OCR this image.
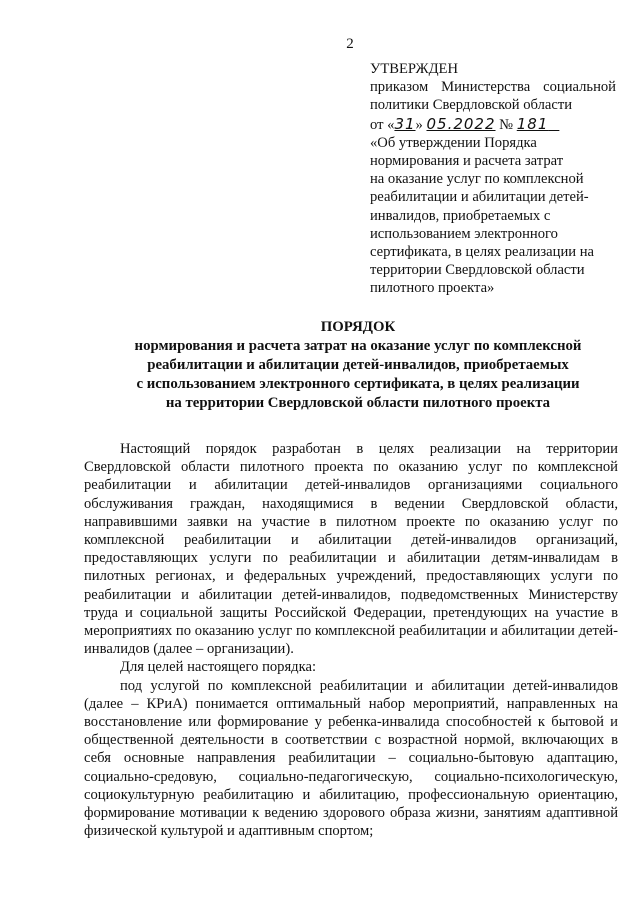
2
УТВЕРЖДЕН
приказом Министерства социальной
политики Свердловской области
от «31» 05.2022 № 181
«Об утверждении Порядка
нормирования и расчета затрат
на оказание услуг по комплексной
реабилитации и абилитации детей-
инвалидов, приобретаемых с
использованием электронного
сертификата, в целях реализации на
территории Свердловской области
пилотного проекта»
ПОРЯДОК
нормирования и расчета затрат на оказание услуг по комплексной
реабилитации и абилитации детей-инвалидов, приобретаемых
с использованием электронного сертификата, в целях реализации
на территории Свердловской области пилотного проекта

Настоящий порядок разработан в целях реализации на территории Свердловской области пилотного проекта по оказанию услуг по комплексной реабилитации и абилитации детей-инвалидов организациями социального обслуживания граждан, находящимися в ведении Свердловской области, направившими заявки на участие в пилотном проекте по оказанию услуг по комплексной реабилитации и абилитации детей-инвалидов организаций, предоставляющих услуги по реабилитации и абилитации детям-инвалидам в пилотных регионах, и федеральных учреждений, предоставляющих услуги по реабилитации и абилитации детей-инвалидов, подведомственных Министерству труда и социальной защиты Российской Федерации, претендующих на участие в мероприятиях по оказанию услуг по комплексной реабилитации и абилитации детей-инвалидов (далее – организации).

Для целей настоящего порядка:

под услугой по комплексной реабилитации и абилитации детей-инвалидов (далее – КРиА) понимается оптимальный набор мероприятий, направленных на восстановление или формирование у ребенка-инвалида способностей к бытовой и общественной деятельности в соответствии с возрастной нормой, включающих в себя основные направления реабилитации – социально-бытовую адаптацию, социально-средовую, социально-педагогическую, социально-психологическую, социокультурную реабилитацию и абилитацию, профессиональную ориентацию, формирование мотивации к ведению здорового образа жизни, занятиям адаптивной физической культурой и адаптивным спортом;
